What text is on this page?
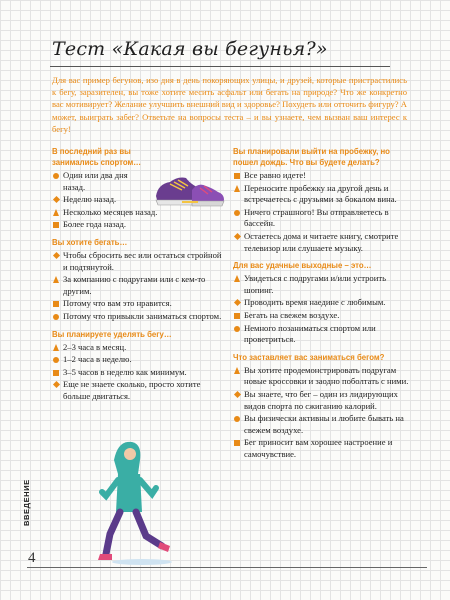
Тест «Какая вы бегунья?»
Для вас пример бегунов, изо дня в день покоряющих улицы, и друзей, которые пристрастились к бегу, заразителен, вы тоже хотите месить асфальт или бегать на природе? Что же конкретно вас мотивирует? Желание улучшить внешний вид и здоровье? Похудеть или отточить фигуру? А может, выиграть забег? Ответьте на вопросы теста – и вы узнаете, чем вызван ваш интерес к бегу!
В последний раз вы занимались спортом…
Один или два дня назад.
Неделю назад.
Несколько месяцев назад.
Более года назад.
Вы хотите бегать…
Чтобы сбросить вес или остаться стройной и подтянутой.
За компанию с подругами или с кем-то другим.
Потому что вам это нравится.
Потому что привыкли заниматься спортом.
Вы планируете уделять бегу…
2–3 часа в месяц.
1–2 часа в неделю.
3–5 часов в неделю как минимум.
Еще не знаете сколько, просто хотите больше двигаться.
Вы планировали выйти на пробежку, но пошел дождь. Что вы будете делать?
Все равно идете!
Переносите пробежку на другой день и встречаетесь с друзьями за бокалом вина.
Ничего страшного! Вы отправляетесь в бассейн.
Остаетесь дома и читаете книгу, смотрите телевизор или слушаете музыку.
Для вас удачные выходные – это…
Увидеться с подругами и/или устроить шопинг.
Проводить время наедине с любимым.
Бегать на свежем воздухе.
Немного позаниматься спортом или проветриться.
Что заставляет вас заниматься бегом?
Вы хотите продемонстрировать подругам новые кроссовки и заодно поболтать с ними.
Вы знаете, что бег – один из лидирующих видов спорта по сжиганию калорий.
Вы физически активны и любите бывать на свежем воздухе.
Бег приносит вам хорошее настроение и самочувствие.
ВВЕДЕНИЕ
4
